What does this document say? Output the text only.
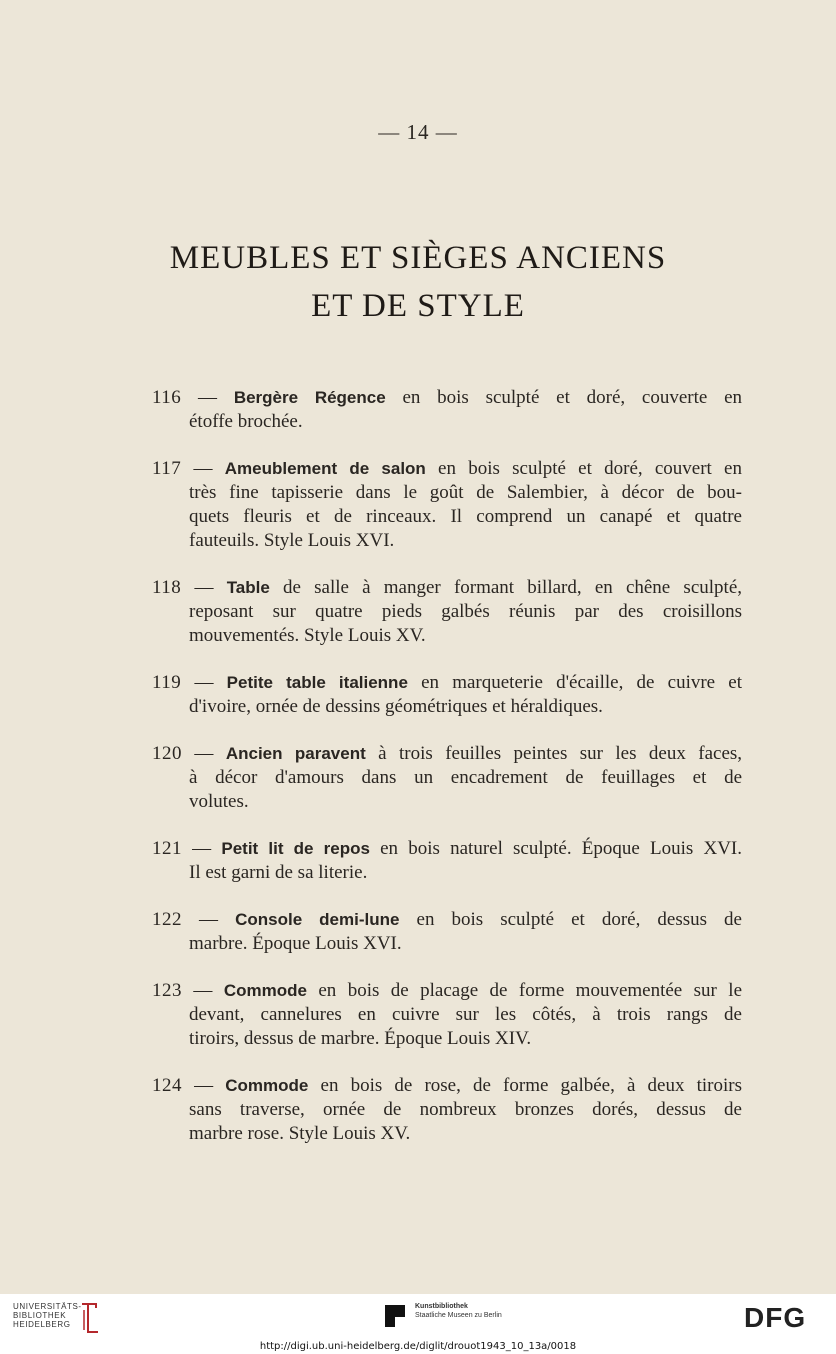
— 14 —
MEUBLES ET SIÈGES ANCIENS
ET DE STYLE
116 — Bergère Régence en bois sculpté et doré, couverte en
étoffe brochée.
117 — Ameublement de salon en bois sculpté et doré, couvert en
très fine tapisserie dans le goût de Salembier, à décor de bou-
quets fleuris et de rinceaux. Il comprend un canapé et quatre
fauteuils. Style Louis XVI.
118 — Table de salle à manger formant billard, en chêne sculpté,
reposant sur quatre pieds galbés réunis par des croisillons
mouvementés. Style Louis XV.
119 — Petite table italienne en marqueterie d'écaille, de cuivre et
d'ivoire, ornée de dessins géométriques et héraldiques.
120 — Ancien paravent à trois feuilles peintes sur les deux faces,
à décor d'amours dans un encadrement de feuillages et de
volutes.
121 — Petit lit de repos en bois naturel sculpté. Époque Louis XVI.
Il est garni de sa literie.
122 — Console demi-lune en bois sculpté et doré, dessus de
marbre. Époque Louis XVI.
123 — Commode en bois de placage de forme mouvementée sur le
devant, cannelures en cuivre sur les côtés, à trois rangs de
tiroirs, dessus de marbre. Époque Louis XIV.
124 — Commode en bois de rose, de forme galbée, à deux tiroirs
sans traverse, ornée de nombreux bronzes dorés, dessus de
marbre rose. Style Louis XV.
UNIVERSITÄTS-
BIBLIOTHEK
HEIDELBERG
Kunstbibliothek
Staatliche Museen zu Berlin	DFG
http://digi.ub.uni-heidelberg.de/diglit/drouot1943_10_13a/0018
